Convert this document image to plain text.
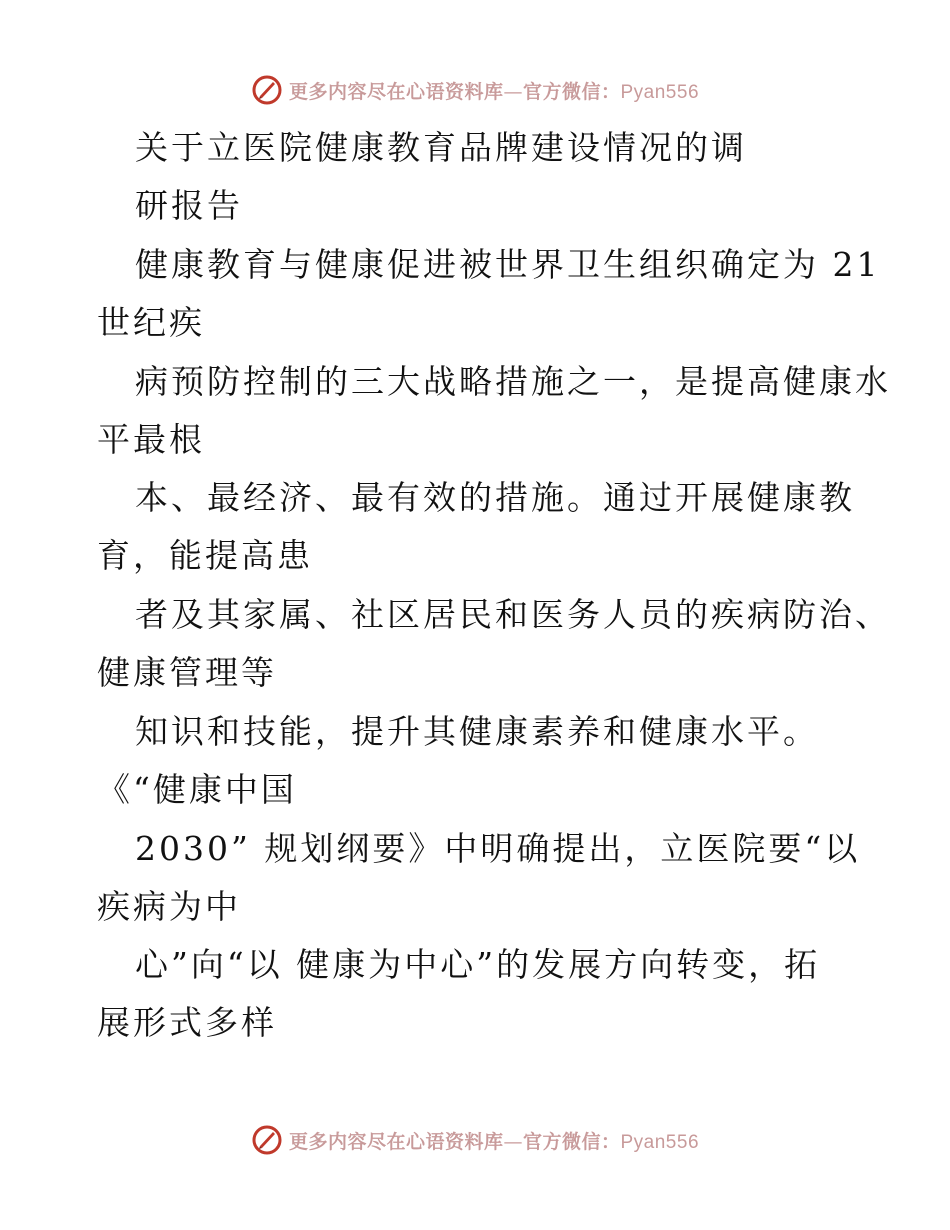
更多内容尽在心语资料库—官方微信：Pyan556
关于立医院健康教育品牌建设情况的调
研报告
健康教育与健康促进被世界卫生组织确定为 21
世纪疾
病预防控制的三大战略措施之一，是提高健康水
平最根
本、最经济、最有效的措施。通过开展健康教
育，能提高患
者及其家属、社区居民和医务人员的疾病防治、
健康管理等
知识和技能，提升其健康素养和健康水平。
《“健康中国
2030” 规划纲要》中明确提出，立医院要“以
疾病为中
心”向“以 健康为中心”的发展方向转变，拓
展形式多样
更多内容尽在心语资料库—官方微信：Pyan556
